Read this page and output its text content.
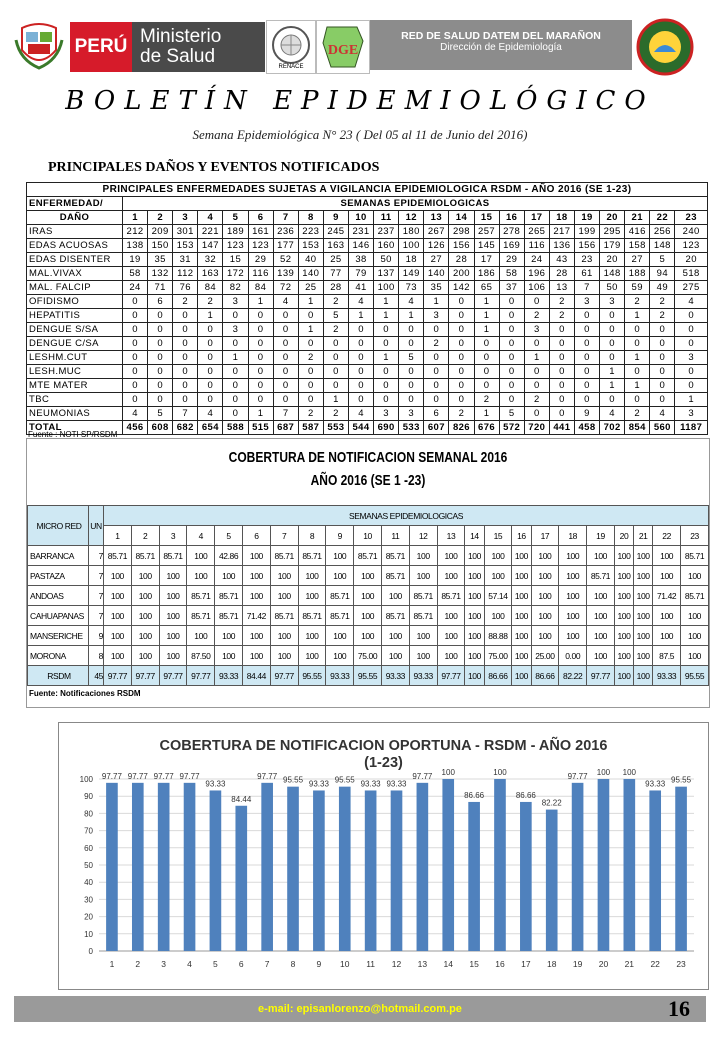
PERÚ Ministerio
de Salud	RENACE
DGE
RED DE SALUD DATEM DEL MARAÑON
Dirección de Epidemiología
BOLETÍN EPIDEMIOLÓGICO
Semana Epidemiológica N° 23 ( Del 05 al 11 de Junio del 2016)
PRINCIPALES DAÑOS Y EVENTOS NOTIFICADOS
PRINCIPALES ENFERMEDADES SUJETAS A VIGILANCIA EPIDEMIOLOGICA RSDM - AÑO 2016 (SE 1-23)																							
ENFERMEDAD/	SEMANAS EPIDEMIOLOGICAS																						
DAÑO	1	2	3	4	5	6	7	8	9	10	11	12	13	14	15	16	17	18	19	20	21	22	23
IRAS	212	209	301	221	189	161	236	223	245	231	237	180	267	298	257	278	265	217	199	295	416	256	240
EDAS ACUOSAS	138	150	153	147	123	123	177	153	163	146	160	100	126	156	145	169	116	136	156	179	158	148	123
EDAS DISENTER	19	35	31	32	15	29	52	40	25	38	50	18	27	28	17	29	24	43	23	20	27	5	20
MAL.VIVAX	58	132	112	163	172	116	139	140	77	79	137	149	140	200	186	58	196	28	61	148	188	94	518
MAL. FALCIP	24	71	76	84	82	84	72	25	28	41	100	73	35	142	65	37	106	13	7	50	59	49	275
OFIDISMO	0	6	2	2	3	1	4	1	2	4	1	4	1	0	1	0	0	2	3	3	2	2	4
HEPATITIS	0	0	0	1	0	0	0	0	5	1	1	1	3	0	1	0	2	2	0	0	1	2	0
DENGUE S/SA	0	0	0	0	3	0	0	1	2	0	0	0	0	0	1	0	3	0	0	0	0	0	0
DENGUE C/SA	0	0	0	0	0	0	0	0	0	0	0	0	2	0	0	0	0	0	0	0	0	0	0
LESHM.CUT	0	0	0	0	1	0	0	2	0	0	1	5	0	0	0	0	1	0	0	0	1	0	3
LESH.MUC	0	0	0	0	0	0	0	0	0	0	0	0	0	0	0	0	0	0	0	1	0	0	0
MTE MATER	0	0	0	0	0	0	0	0	0	0	0	0	0	0	0	0	0	0	0	1	1	0	0
TBC	0	0	0	0	0	0	0	0	1	0	0	0	0	0	2	0	2	0	0	0	0	0	1
NEUMONIAS	4	5	7	4	0	1	7	2	2	4	3	3	6	2	1	5	0	0	9	4	2	4	3
TOTAL	456	608	682	654	588	515	687	587	553	544	690	533	607	826	676	572	720	441	458	702	854	560	1187
Fuente : NOTI SP/RSDM
COBERTURA DE NOTIFICACION SEMANAL 2016
AÑO 2016 (SE 1 -23)
MICRO RED	UN	SEMANAS EPIDEMIOLOGICAS																						
		1	2	3	4	5	6	7	8	9	10	11	12	13	14	15	16	17	18	19	20	21	22	23
BARRANCA	7	85.71	85.71	85.71	100	42.86	100	85.71	85.71	100	85.71	85.71	100	100	100	100	100	100	100	100	100	100	100	85.71
PASTAZA	7	100	100	100	100	100	100	100	100	100	100	85.71	100	100	100	100	100	100	100	85.71	100	100	100	100
ANDOAS	7	100	100	100	85.71	85.71	100	100	100	85.71	100	100	85.71	85.71	100	57.14	100	100	100	100	100	100	71.42	85.71
CAHUAPANAS	7	100	100	100	85.71	85.71	71.42	85.71	85.71	85.71	100	85.71	85.71	100	100	100	100	100	100	100	100	100	100	100
MANSERICHE	9	100	100	100	100	100	100	100	100	100	100	100	100	100	100	88.88	100	100	100	100	100	100	100	100
MORONA	8	100	100	100	87.50	100	100	100	100	100	75.00	100	100	100	100	75.00	100	25.00	0.00	100	100	100	87.5	100
RSDM	45	97.77	97.77	97.77	97.77	93.33	84.44	97.77	95.55	93.33	95.55	93.33	93.33	97.77	100	86.66	100	86.66	82.22	97.77	100	100	93.33	95.55
Fuente: Notificaciones RSDM
COBERTURA DE NOTIFICACION OPORTUNA - RSDM - AÑO 2016
(1-23)
0
10
20
30
40
50
60
70
80
90
100 97.77
1
97.77
2
97.77
3
97.77
4
93.33
5
84.44
6
97.77
7
95.55
8
93.33
9
95.55
10
93.33
11
93.33
12
97.77
13
100
14
86.66
15
100
16
86.66
17
82.22
18
97.77
19
100
20
100
21
93.33
22
95.55
23
e-mail: episanlorenzo@hotmail.com.pe	16
